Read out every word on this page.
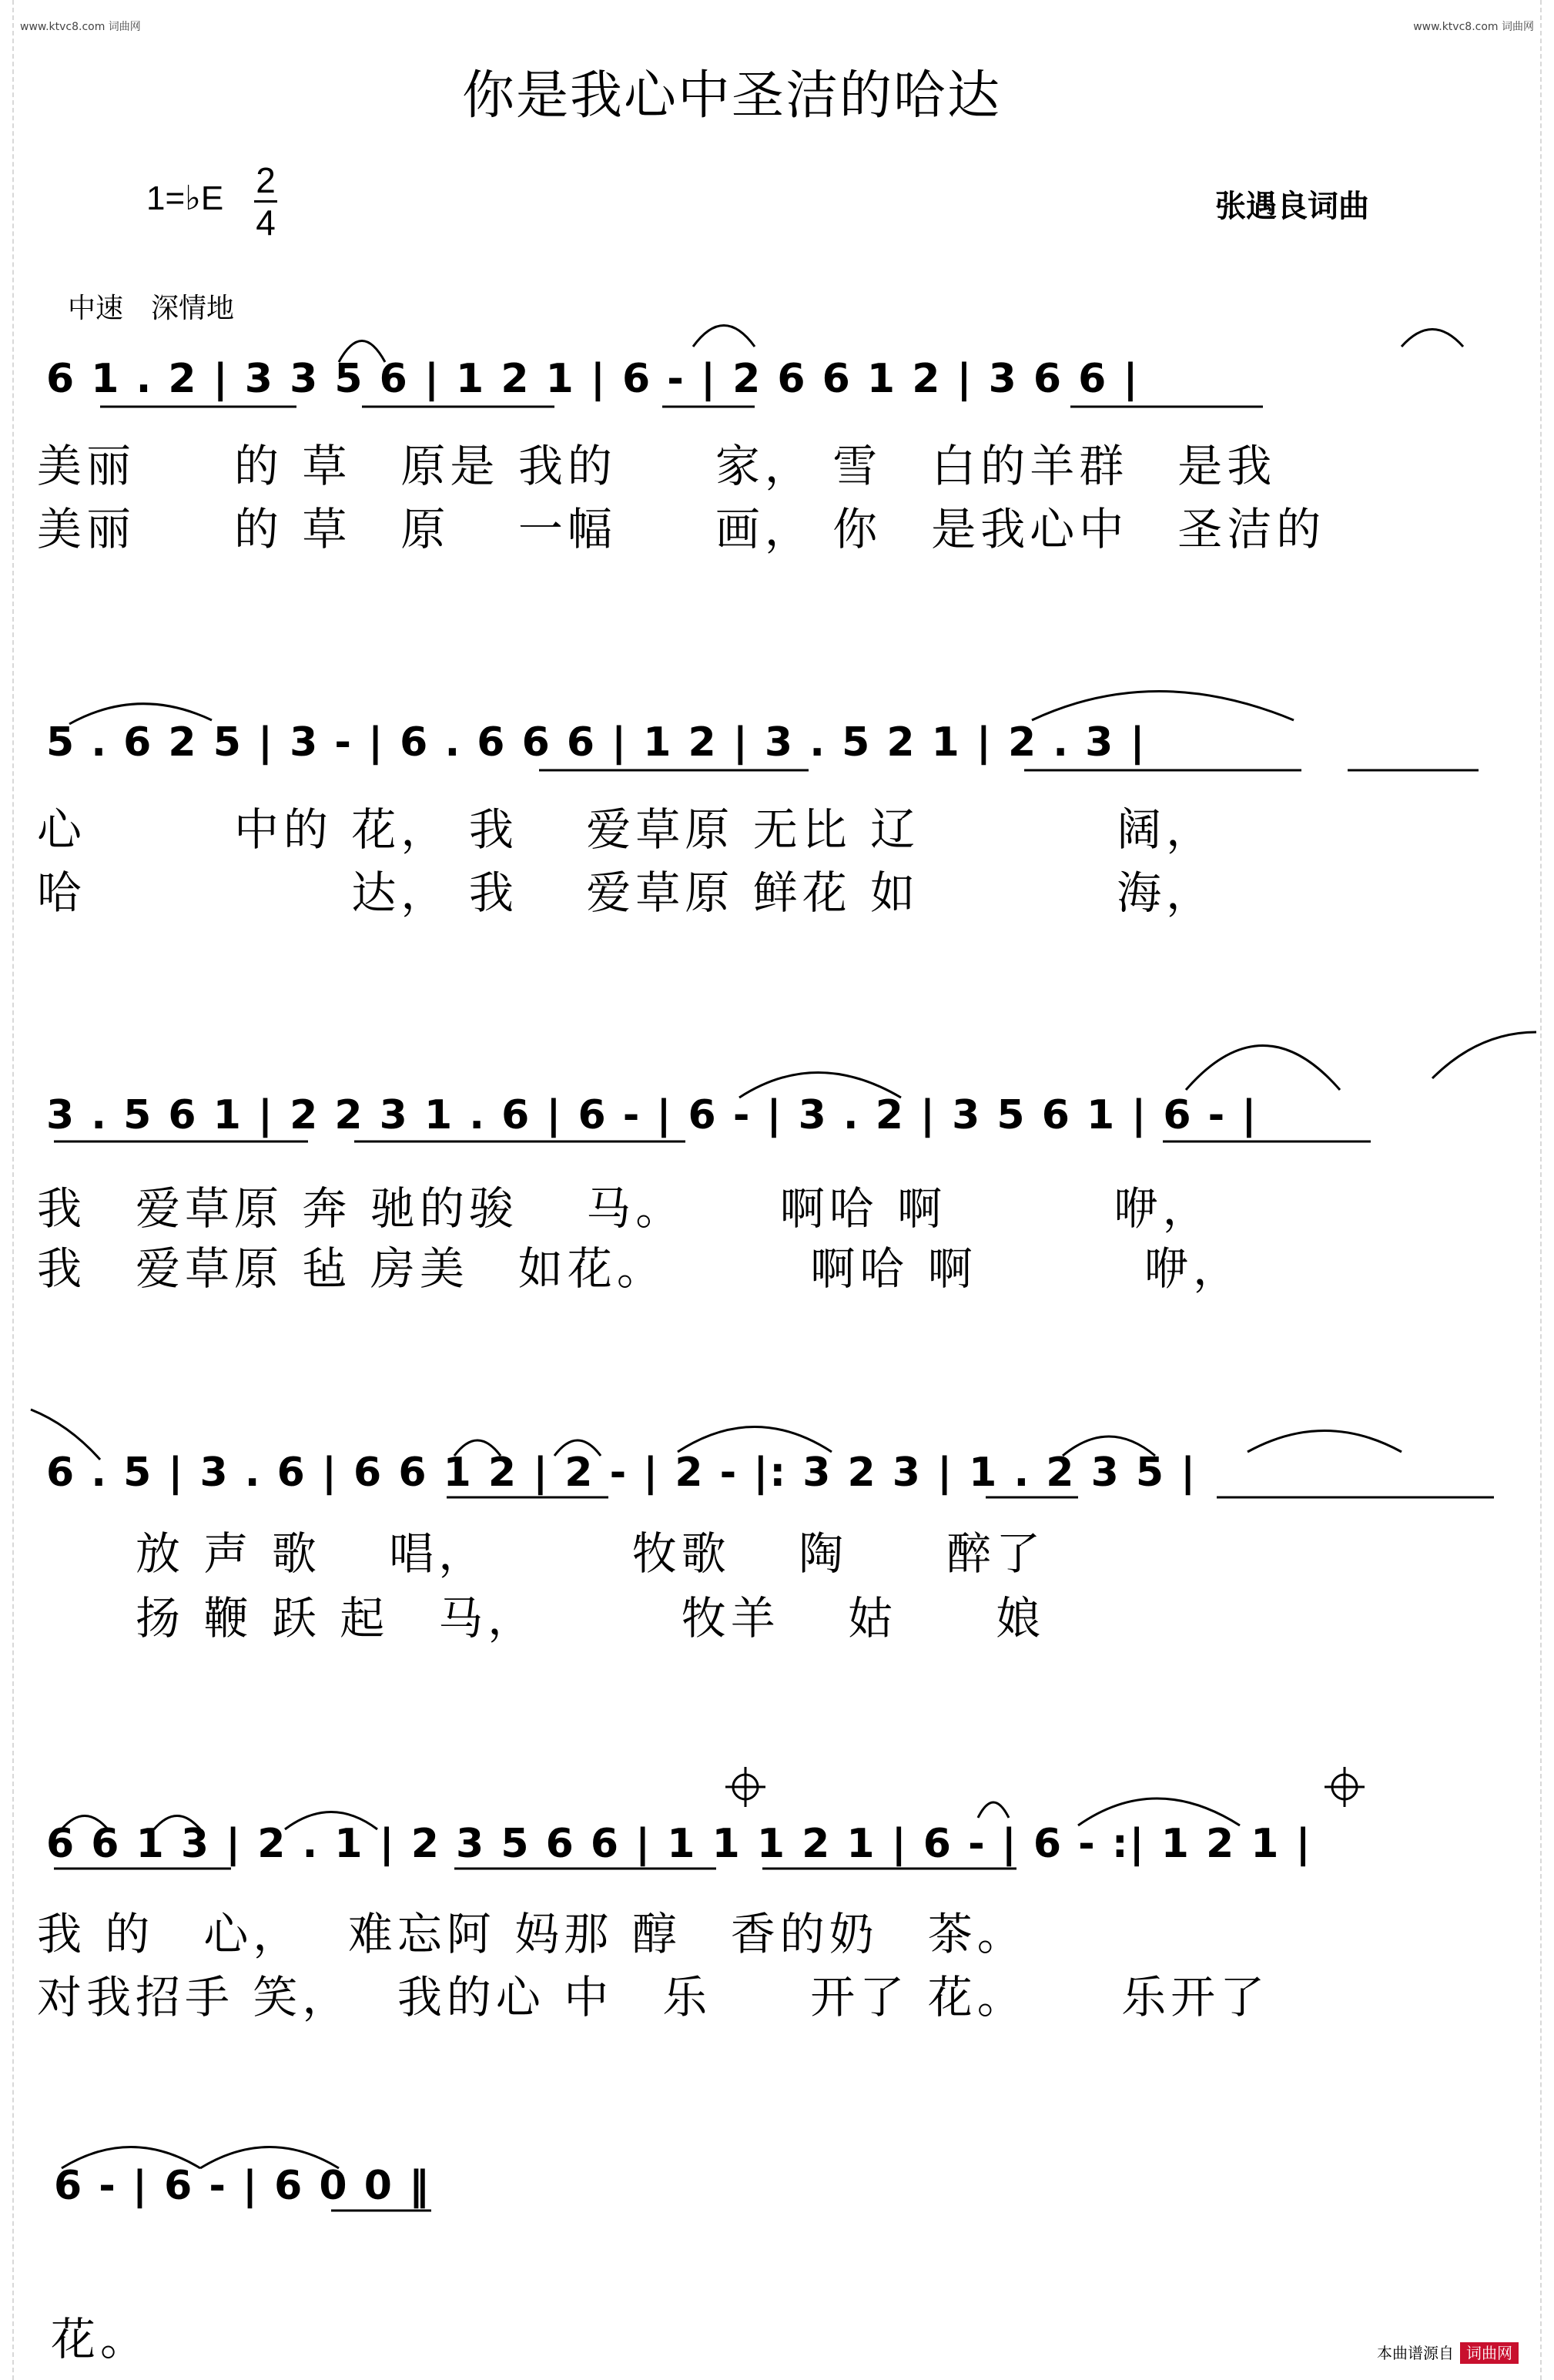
www.ktvc8.com 词曲网	www.ktvc8.com 词曲网
你是我心中圣洁的哈达
1=♭E 2
4	张遇良词曲
中速　深情地
6 1 . 2 | 3 3 5 6 | 1 2 1 | 6 - | 2 6 6 1 2 | 3 6 6 |
美丽　　的 草　原是 我的　　家， 雪　白的羊群　是我
美丽　　的 草　原　 一幅　　画， 你　是我心中　圣洁的
5 . 6 2 5 | 3 - | 6 . 6 6 6 | 1 2 | 3 . 5 2 1 | 2 . 3 |
心　　　中的 花， 我　 爱草原 无比 辽　　　　阔，
哈　　　　　 达， 我　 爱草原 鲜花 如　　　　海，
3 . 5 6 1 | 2 2 3 1 . 6 | 6 - | 6 - | 3 . 2 | 3 5 6 1 | 6 - |
我　爱草原 奔 驰的骏　 马。　　 啊哈 啊　　　 咿，
我　爱草原 毡 房美　如花。　　　 啊哈 啊　　　 咿，
6 . 5 | 3 . 6 | 6 6 1 2 | 2 - | 2 - |: 3 2 3 | 1 . 2 3 5 |
　　放 声 歌　 唱，　　　 牧歌　 陶　　醉了
　　扬 鞭 跃 起　马，　　　 牧羊　 姑　　娘
6 6 1 3 | 2 . 1 | 2 3 5 6 6 | 1 1 1 2 1 | 6 - | 6 - :| 1 2 1 |
我 的　心，　 难忘阿 妈那 醇　香的奶　茶。
对我招手 笑，　 我的心 中　乐　　开了 花。　　 乐开了
6 - | 6 - | 6 0 0 ‖
花。	本曲谱源自 词曲网
